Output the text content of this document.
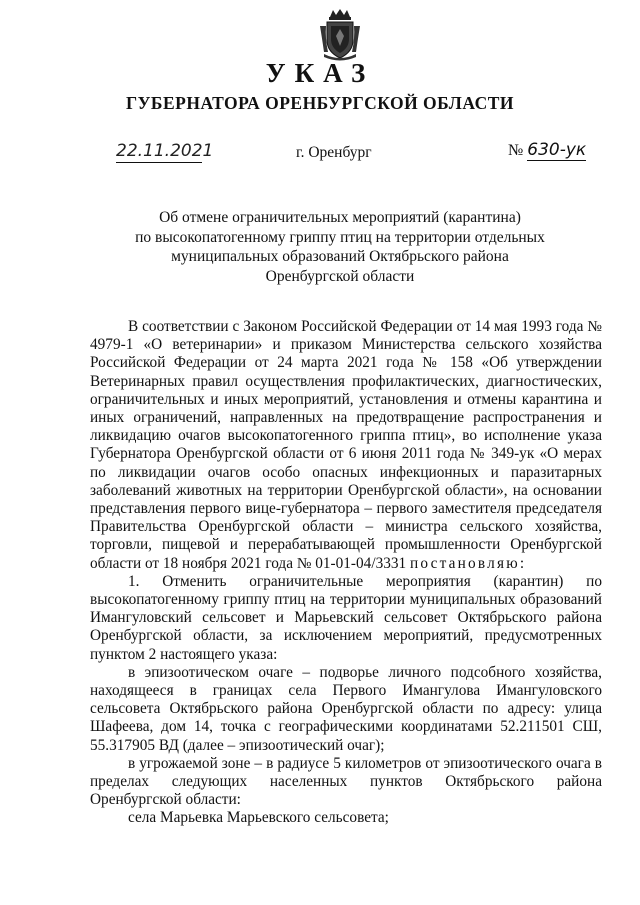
УКАЗ
ГУБЕРНАТОРА ОРЕНБУРГСКОЙ ОБЛАСТИ
22.11.2021	г. Оренбург	№ 630-ук
Об отмене ограничительных мероприятий (карантина)
по высокопатогенному гриппу птиц на территории отдельных
муниципальных образований Октябрьского района
Оренбургской области

В соответствии с Законом Российской Федерации от 14 мая 1993 года № 4979-1 «О ветеринарии» и приказом Министерства сельского хозяйства Российской Федерации от 24 марта 2021 года № 158 «Об утверждении Ветеринарных правил осуществления профилактических, диагностических, ограничительных и иных мероприятий, установления и отмены карантина и иных ограничений, направленных на предотвращение распространения и ликвидацию очагов высокопатогенного гриппа птиц», во исполнение указа Губернатора Оренбургской области от 6 июня 2011 года № 349-ук «О мерах по ликвидации очагов особо опасных инфекционных и паразитарных заболеваний животных на территории Оренбургской области», на основании представления первого вице-губернатора – первого заместителя председателя Правительства Оренбургской области – министра сельского хозяйства, торговли, пищевой и перерабатывающей промышленности Оренбургской области от 18 ноября 2021 года № 01-01-04/3331 постановляю:

1. Отменить ограничительные мероприятия (карантин) по высокопатогенному гриппу птиц на территории муниципальных образований Имангуловский сельсовет и Марьевский сельсовет Октябрьского района Оренбургской области, за исключением мероприятий, предусмотренных пунктом 2 настоящего указа:

в эпизоотическом очаге – подворье личного подсобного хозяйства, находящееся в границах села Первого Имангулова Имангуловского сельсовета Октябрьского района Оренбургской области по адресу: улица Шафеева, дом 14, точка с географическими координатами 52.211501 СШ, 55.317905 ВД (далее – эпизоотический очаг);

в угрожаемой зоне – в радиусе 5 километров от эпизоотического очага в пределах следующих населенных пунктов Октябрьского района Оренбургской области:

села Марьевка Марьевского сельсовета;
